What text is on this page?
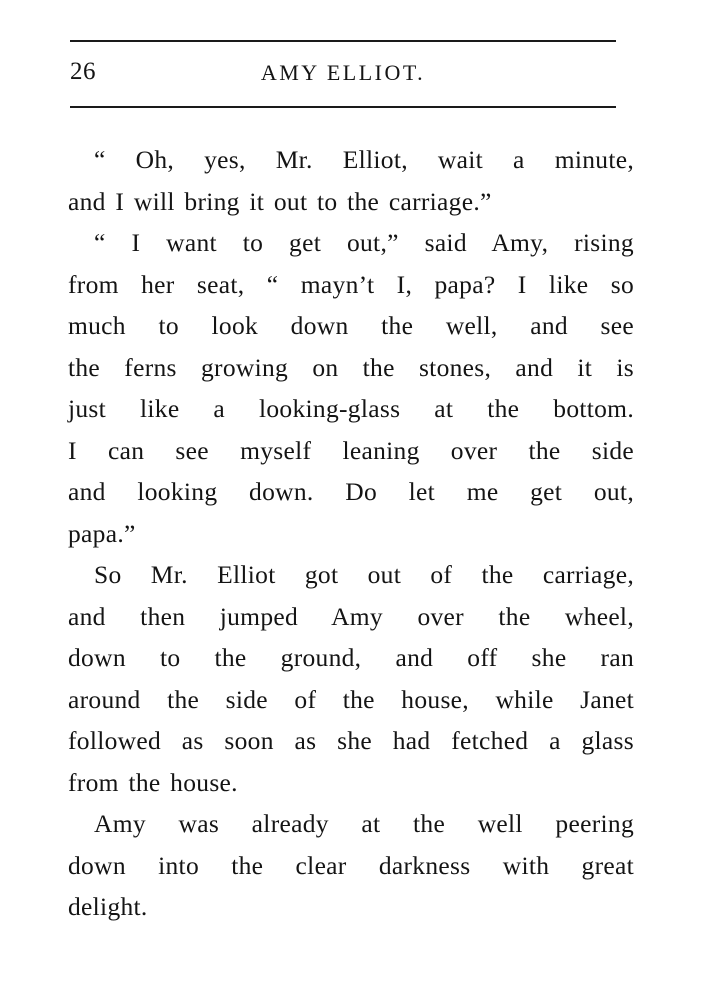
26	AMY ELLIOT.

“ Oh, yes, Mr. Elliot, wait a minute,
and I will bring it out to the carriage.”

“ I want to get out,” said Amy, rising
from her seat, “ mayn’t I, papa? I like so
much to look down the well, and see
the ferns growing on the stones, and it is
just like a looking-glass at the bottom.
I can see myself leaning over the side
and looking down. Do let me get out,
papa.”

So Mr. Elliot got out of the carriage,
and then jumped Amy over the wheel,
down to the ground, and off she ran
around the side of the house, while Janet
followed as soon as she had fetched a glass
from the house.

Amy was already at the well peering
down into the clear darkness with great
delight.
